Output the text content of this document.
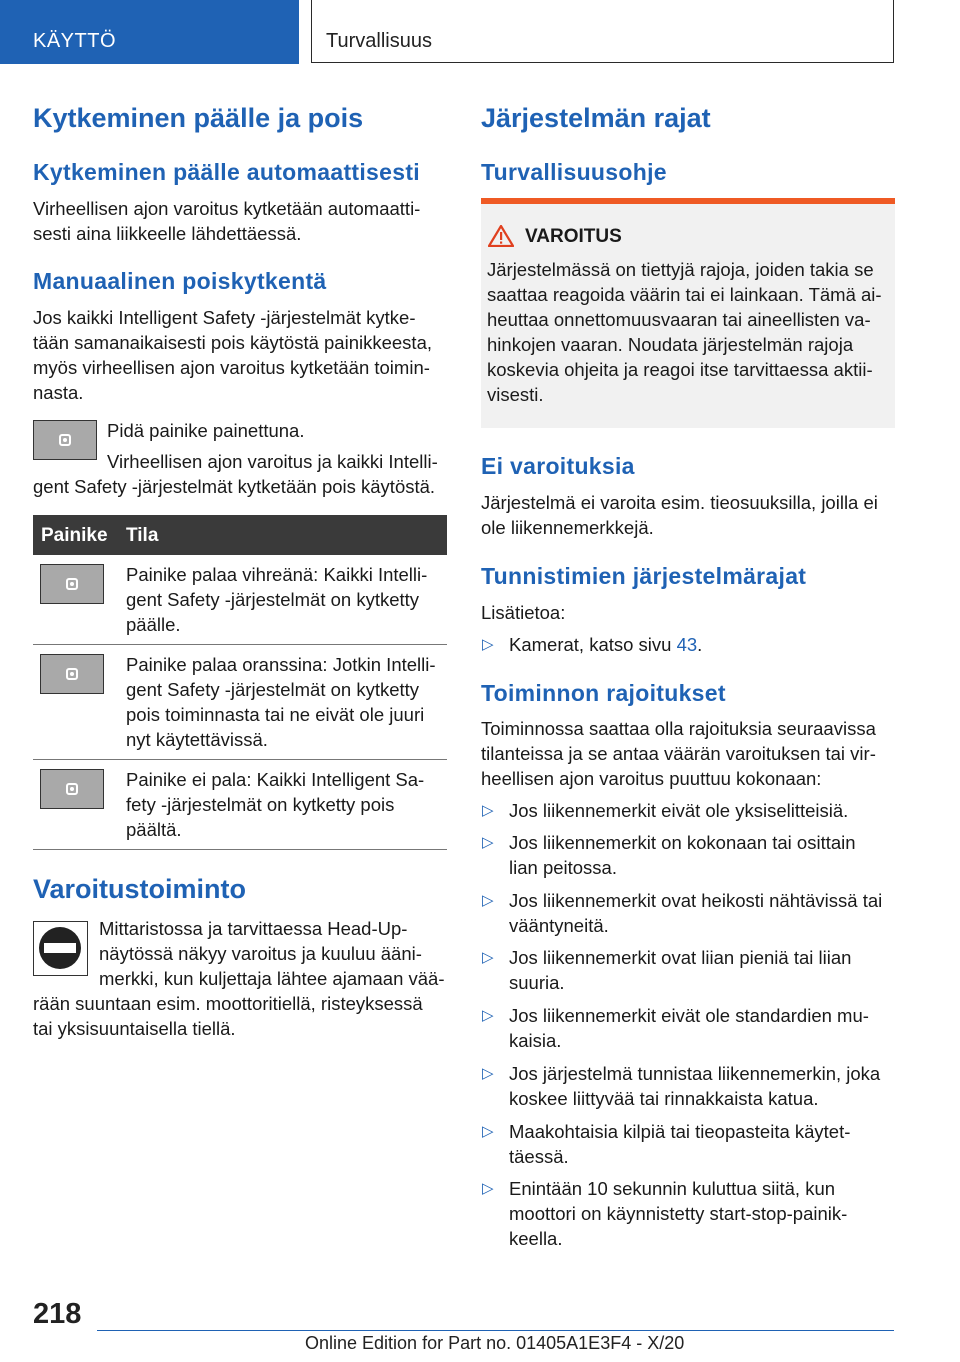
KÄYTTÖ	Turvallisuus
Kytkeminen päälle ja pois
Kytkeminen päälle automaattisesti

Virheellisen ajon varoitus kytketään automaatti-

sesti aina liikkeelle lähdettäessä.

Manuaalinen poiskytkentä

Jos kaikki Intelligent Safety -järjestelmät kytke-

tään samanaikaisesti pois käytöstä painikkeesta,

myös virheellisen ajon varoitus kytketään toimin-

nasta.

Pidä painike painettuna.

Virheellisen ajon varoitus ja kaikki Intelli-

gent Safety -järjestelmät kytketään pois käytöstä.

Painike Tila

Painike palaa vihreänä: Kaikki Intelli-

gent Safety -järjestelmät on kytketty

päälle.

Painike palaa oranssina: Jotkin Intelli-

gent Safety -järjestelmät on kytketty

pois toiminnasta tai ne eivät ole juuri

nyt käytettävissä.

Painike ei pala: Kaikki Intelligent Sa-

fety -järjestelmät on kytketty pois

päältä.

Varoitustoiminto

Mittaristossa ja tarvittaessa Head-Up-

näytössä näkyy varoitus ja kuuluu ääni-

merkki, kun kuljettaja lähtee ajamaan vää-

rään suuntaan esim. moottoritiellä, risteyksessä

tai yksisuuntaisella tiellä.

Järjestelmän rajat
Turvallisuusohje

VAROITUS

Järjestelmässä on tiettyjä rajoja, joiden takia se

saattaa reagoida väärin tai ei lainkaan. Tämä ai-

heuttaa onnettomuusvaaran tai aineellisten va-

hinkojen vaaran. Noudata järjestelmän rajoja

koskevia ohjeita ja reagoi itse tarvittaessa aktii-

visesti.

Ei varoituksia

Järjestelmä ei varoita esim. tieosuuksilla, joilla ei

ole liikennemerkkejä.

Tunnistimien järjestelmärajat

Lisätietoa:

▷ Kamerat, katso sivu 43.

Toiminnon rajoitukset

Toiminnossa saattaa olla rajoituksia seuraavissa

tilanteissa ja se antaa väärän varoituksen tai vir-

heellisen ajon varoitus puuttuu kokonaan:

▷ Jos liikennemerkit eivät ole yksiselitteisiä.

▷ Jos liikennemerkit on kokonaan tai osittain

lian peitossa.

▷ Jos liikennemerkit ovat heikosti nähtävissä tai

vääntyneitä.

▷ Jos liikennemerkit ovat liian pieniä tai liian

suuria.

▷ Jos liikennemerkit eivät ole standardien mu-

kaisia.

▷ Jos järjestelmä tunnistaa liikennemerkin, joka

koskee liittyvää tai rinnakkaista katua.

▷ Maakohtaisia kilpiä tai tieopasteita käytet-

täessä.

▷ Enintään 10 sekunnin kuluttua siitä, kun

moottori on käynnistetty start-stop-painik-

keella.

218
Online Edition for Part no. 01405A1E3F4 - X/20
